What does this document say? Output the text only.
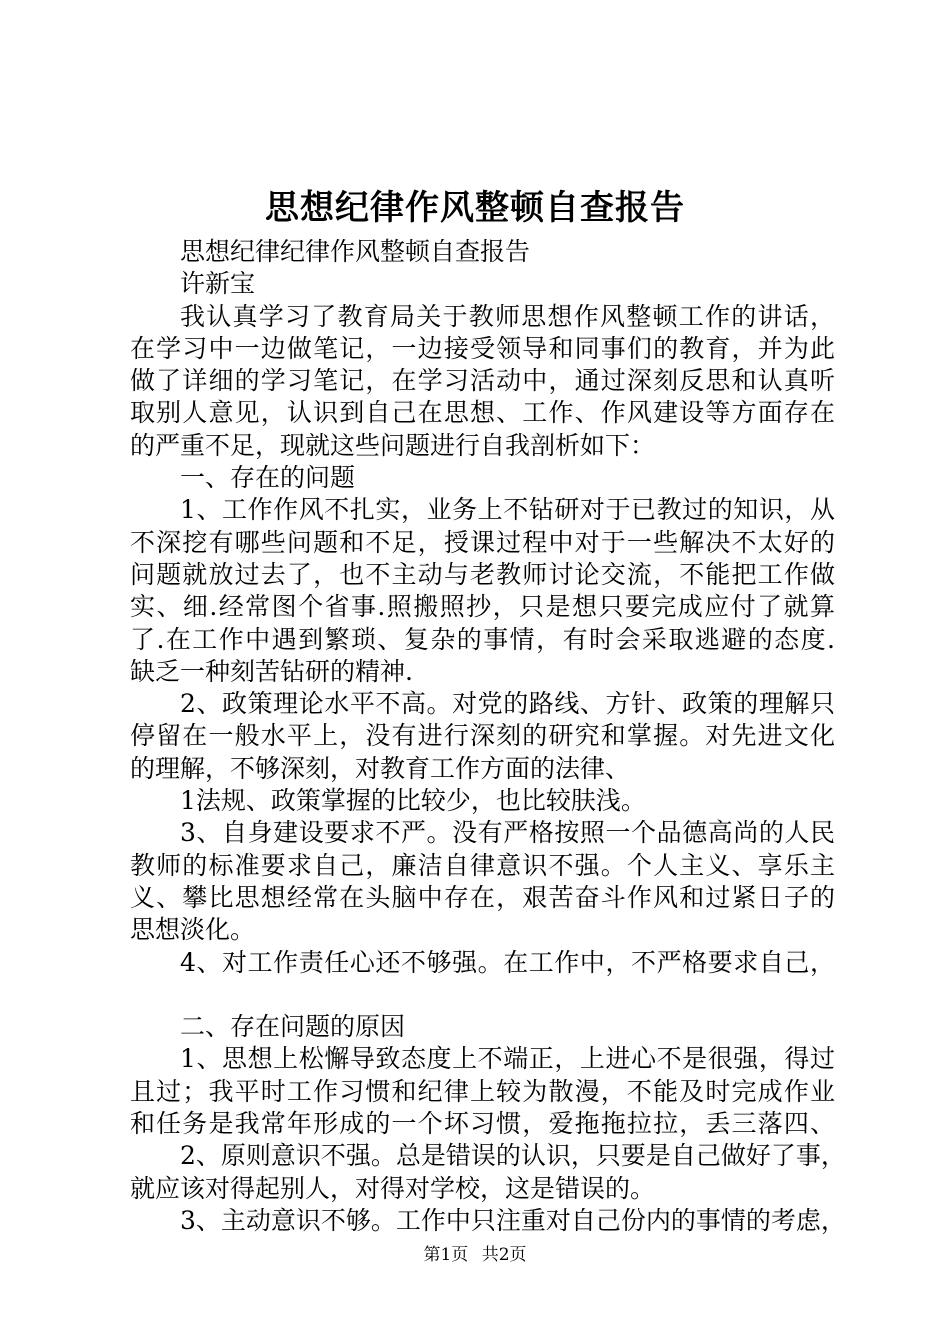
思想纪律作风整顿自查报告
思想纪律纪律作风整顿自查报告
许新宝
我认真学习了教育局关于教师思想作风整顿工作的讲话，
在学习中一边做笔记，一边接受领导和同事们的教育，并为此
做了详细的学习笔记，在学习活动中，通过深刻反思和认真听
取别人意见，认识到自己在思想、工作、作风建设等方面存在
的严重不足，现就这些问题进行自我剖析如下：
一、存在的问题
1、工作作风不扎实，业务上不钻研对于已教过的知识，从
不深挖有哪些问题和不足，授课过程中对于一些解决不太好的
问题就放过去了，也不主动与老教师讨论交流，不能把工作做
实、细.经常图个省事.照搬照抄，只是想只要完成应付了就算
了.在工作中遇到繁琐、复杂的事情，有时会采取逃避的态度.
缺乏一种刻苦钻研的精神.
2、政策理论水平不高。对党的路线、方针、政策的理解只
停留在一般水平上，没有进行深刻的研究和掌握。对先进文化
的理解，不够深刻，对教育工作方面的法律、
1法规、政策掌握的比较少，也比较肤浅。
3、自身建设要求不严。没有严格按照一个品德高尚的人民
教师的标准要求自己，廉洁自律意识不强。个人主义、享乐主
义、攀比思想经常在头脑中存在，艰苦奋斗作风和过紧日子的
思想淡化。
4、对工作责任心还不够强。在工作中，不严格要求自己，
二、存在问题的原因
1、思想上松懈导致态度上不端正，上进心不是很强，得过
且过；我平时工作习惯和纪律上较为散漫，不能及时完成作业
和任务是我常年形成的一个坏习惯，爱拖拖拉拉，丢三落四、
2、原则意识不强。总是错误的认识，只要是自己做好了事，
就应该对得起别人，对得对学校，这是错误的。
3、主动意识不够。工作中只注重对自己份内的事情的考虑，
第1页 共2页
